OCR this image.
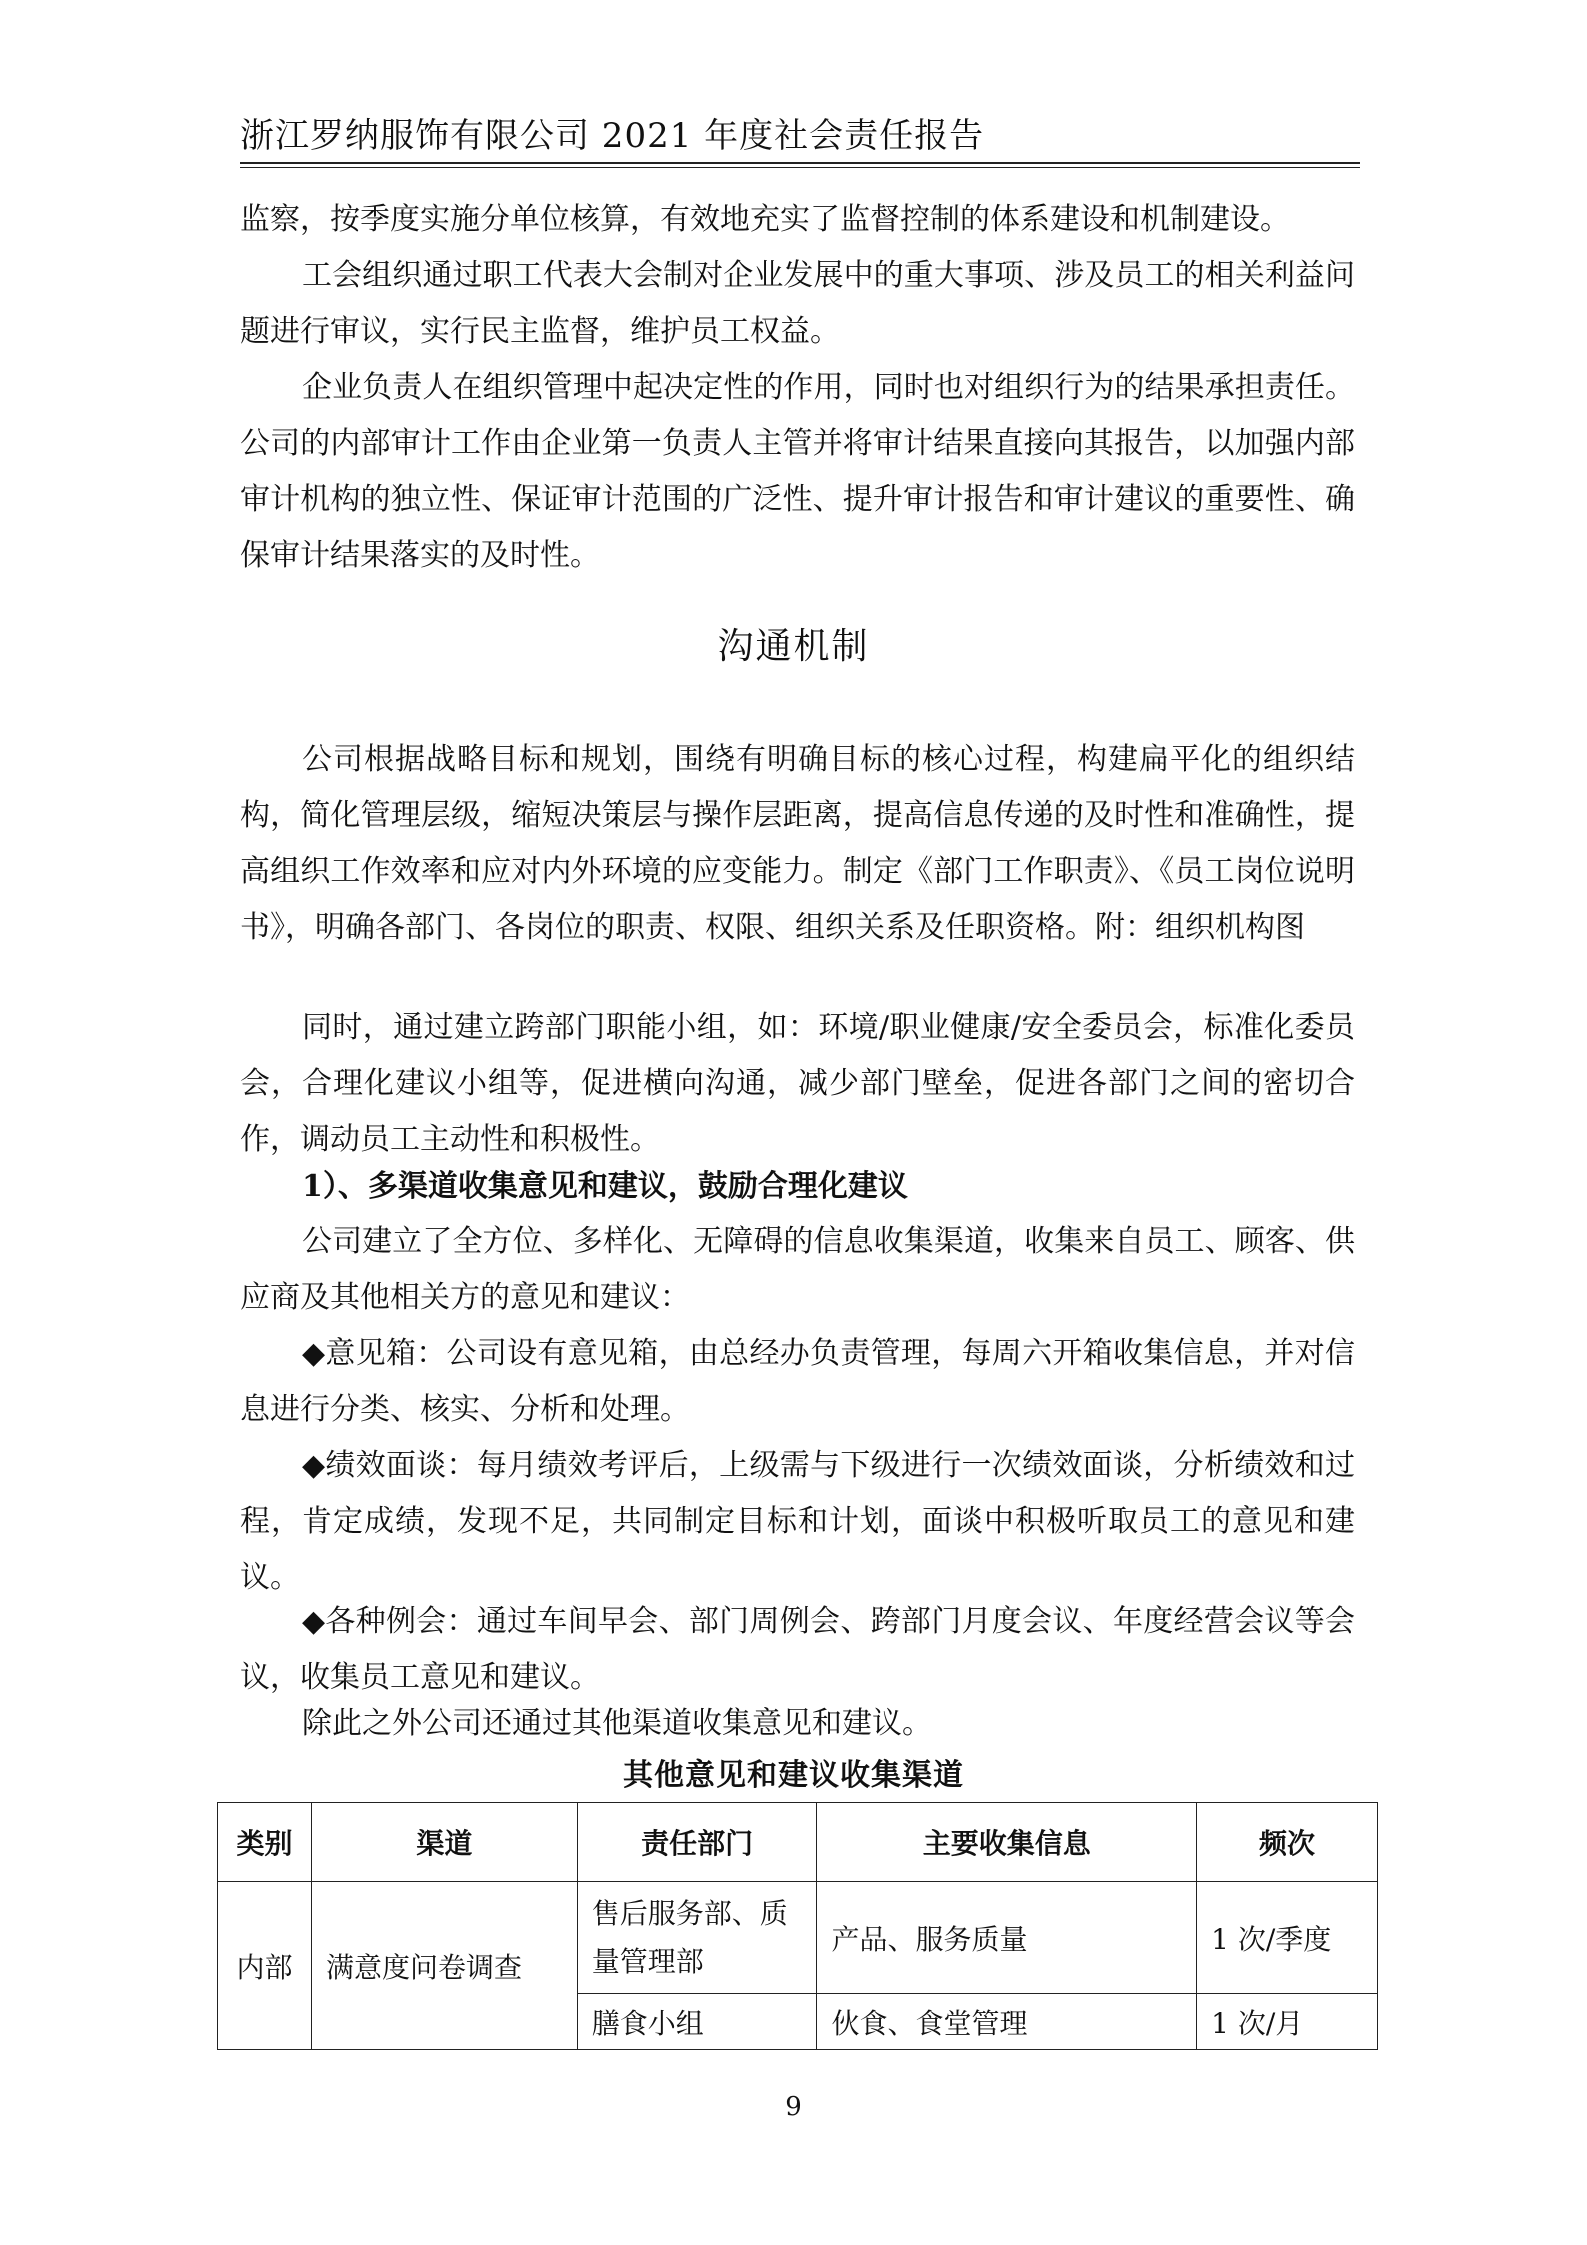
浙江罗纳服饰有限公司 2021 年度社会责任报告

监察，按季度实施分单位核算，有效地充实了监督控制的体系建设和机制建设。

工会组织通过职工代表大会制对企业发展中的重大事项、涉及员工的相关利益问题进行审议，实行民主监督，维护员工权益。

企业负责人在组织管理中起决定性的作用，同时也对组织行为的结果承担责任。公司的内部审计工作由企业第一负责人主管并将审计结果直接向其报告，以加强内部审计机构的独立性、保证审计范围的广泛性、提升审计报告和审计建议的重要性、确保审计结果落实的及时性。

沟通机制

公司根据战略目标和规划，围绕有明确目标的核心过程，构建扁平化的组织结构，简化管理层级，缩短决策层与操作层距离，提高信息传递的及时性和准确性，提高组织工作效率和应对内外环境的应变能力。制定《部门工作职责》、《员工岗位说明书》，明确各部门、各岗位的职责、权限、组织关系及任职资格。附：组织机构图

同时，通过建立跨部门职能小组，如：环境/职业健康/安全委员会，标准化委员会，合理化建议小组等，促进横向沟通，减少部门壁垒，促进各部门之间的密切合作，调动员工主动性和积极性。

1）、多渠道收集意见和建议，鼓励合理化建议

公司建立了全方位、多样化、无障碍的信息收集渠道，收集来自员工、顾客、供应商及其他相关方的意见和建议：

◆意见箱：公司设有意见箱，由总经办负责管理，每周六开箱收集信息，并对信息进行分类、核实、分析和处理。

◆绩效面谈：每月绩效考评后，上级需与下级进行一次绩效面谈，分析绩效和过程，肯定成绩，发现不足，共同制定目标和计划，面谈中积极听取员工的意见和建议。

◆各种例会：通过车间早会、部门周例会、跨部门月度会议、年度经营会议等会议，收集员工意见和建议。

除此之外公司还通过其他渠道收集意见和建议。

其他意见和建议收集渠道
类别	渠道	责任部门	主要收集信息	频次
内部	满意度问卷调查	售后服务部、质量管理部	产品、服务质量	1 次/季度
		膳食小组	伙食、食堂管理	1 次/月
9
